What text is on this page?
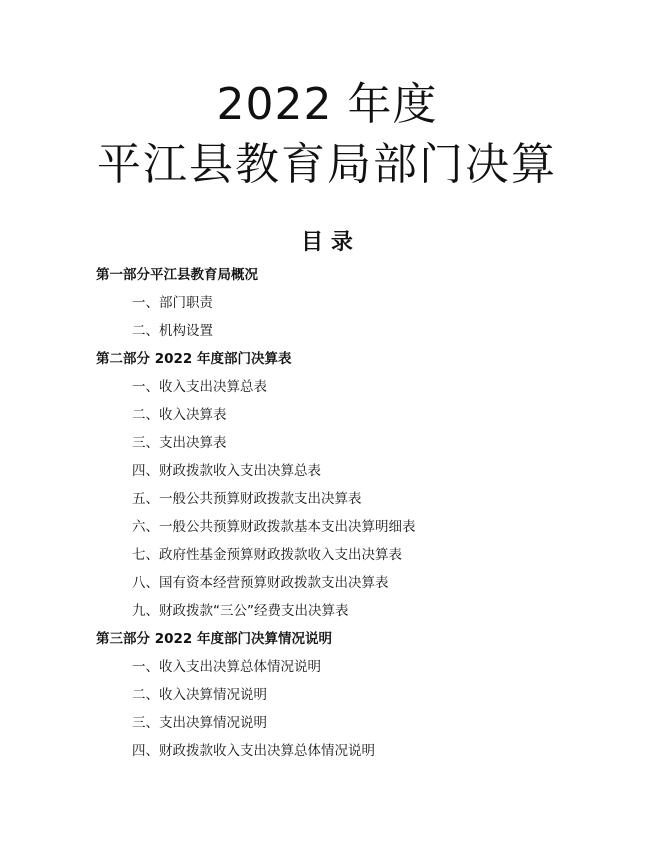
2022 年度
平江县教育局部门决算
目 录
第一部分平江县教育局概况
一、部门职责
二、机构设置
第二部分 2022 年度部门决算表
一、收入支出决算总表
二、收入决算表
三、支出决算表
四、财政拨款收入支出决算总表
五、一般公共预算财政拨款支出决算表
六、一般公共预算财政拨款基本支出决算明细表
七、政府性基金预算财政拨款收入支出决算表
八、国有资本经营预算财政拨款支出决算表
九、财政拨款“三公”经费支出决算表
第三部分 2022 年度部门决算情况说明
一、收入支出决算总体情况说明
二、收入决算情况说明
三、支出决算情况说明
四、财政拨款收入支出决算总体情况说明
